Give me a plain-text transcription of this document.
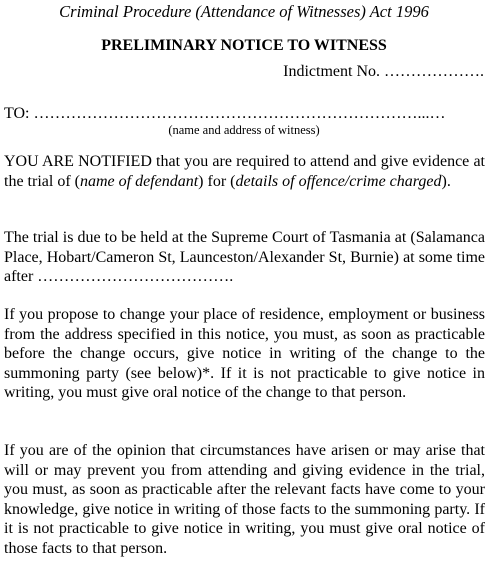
Criminal Procedure (Attendance of Witnesses) Act 1996
PRELIMINARY NOTICE TO WITNESS
Indictment No. ……………….
TO: ………………………………………………………………...…
(name and address of witness)

YOU ARE NOTIFIED that you are required to attend and give evidence at the trial of (name of defendant) for (details of offence/crime charged).

The trial is due to be held at the Supreme Court of Tasmania at (Salamanca Place, Hobart/Cameron St, Launceston/Alexander St, Burnie) at some time after ……………………………….

If you propose to change your place of residence, employment or business from the address specified in this notice, you must, as soon as practicable before the change occurs, give notice in writing of the change to the summoning party (see below)*. If it is not practicable to give notice in writing, you must give oral notice of the change to that person.

If you are of the opinion that circumstances have arisen or may arise that will or may prevent you from attending and giving evidence in the trial, you must, as soon as practicable after the relevant facts have come to your knowledge, give notice in writing of those facts to the summoning party. If it is not practicable to give notice in writing, you must give oral notice of those facts to that person.
